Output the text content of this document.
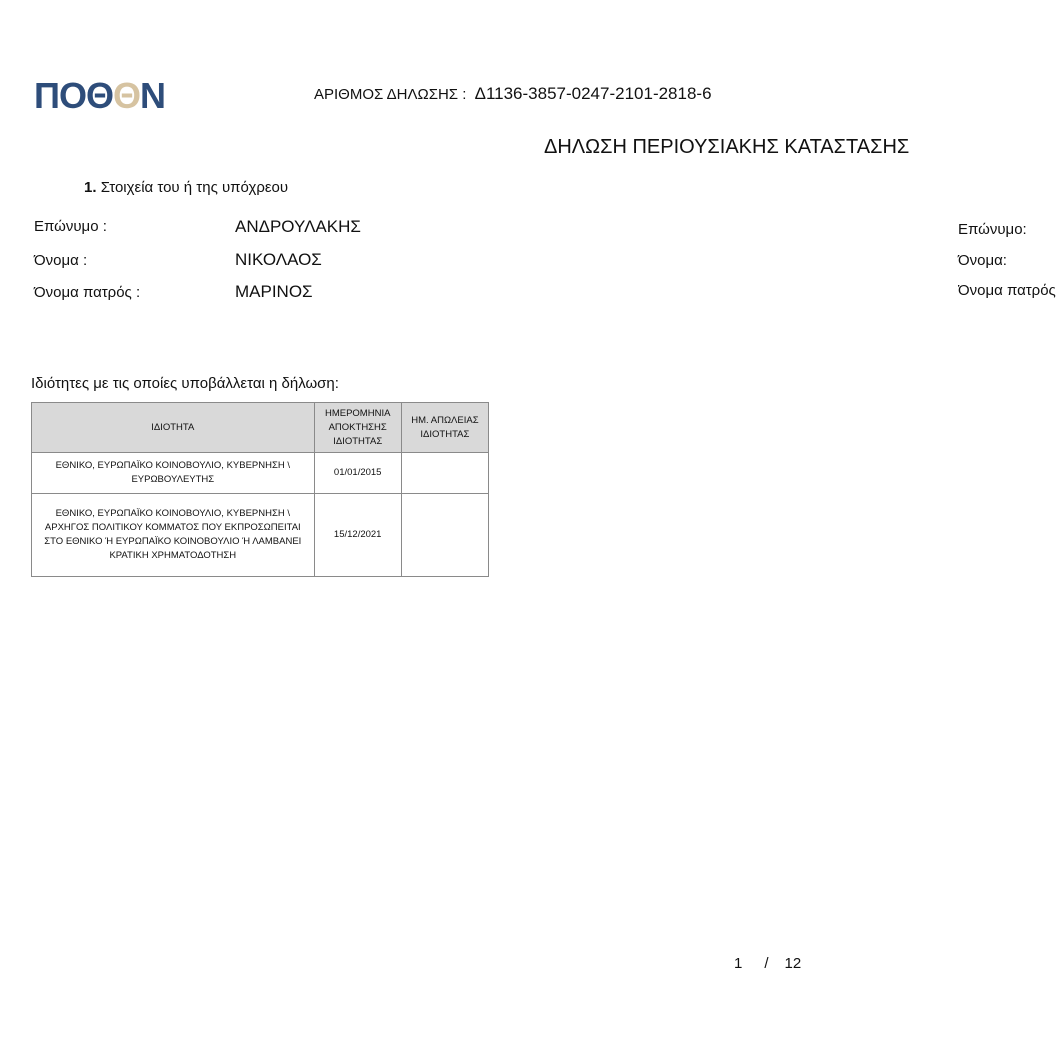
ΠΟΘ Θ Ν	ΑΡΙΘΜΟΣ ΔΗΛΩΣΗΣ : Δ1136-3857-0247-2101-2818-6
ΔΗΛΩΣΗ ΠΕΡΙΟΥΣΙΑΚΗΣ ΚΑΤΑΣΤΑΣΗΣ
1. Στοιχεία του ή της υπόχρεου
Επώνυμο :	ΑΝΔΡΟΥΛΑΚΗΣ
Όνομα :	ΝΙΚΟΛΑΟΣ
Όνομα πατρός :	ΜΑΡΙΝΟΣ
Επώνυμο:
Όνομα:
Όνομα πατρός
Ιδιότητες με τις οποίες υποβάλλεται η δήλωση:
ΙΔΙΟΤΗΤΑ	ΗΜΕΡΟΜΗΝΙΑ ΑΠΟΚΤΗΣΗΣ ΙΔΙΟΤΗΤΑΣ	ΗΜ. ΑΠΩΛΕΙΑΣ ΙΔΙΟΤΗΤΑΣ
ΕΘΝΙΚΟ, ΕΥΡΩΠΑΪΚΟ ΚΟΙΝΟΒΟΥΛΙΟ, ΚΥΒΕΡΝΗΣΗ \ ΕΥΡΩΒΟΥΛΕΥΤΗΣ	01/01/2015	
ΕΘΝΙΚΟ, ΕΥΡΩΠΑΪΚΟ ΚΟΙΝΟΒΟΥΛΙΟ, ΚΥΒΕΡΝΗΣΗ \ ΑΡΧΗΓΟΣ ΠΟΛΙΤΙΚΟΥ ΚΟΜΜΑΤΟΣ ΠΟΥ ΕΚΠΡΟΣΩΠΕΙΤΑΙ ΣΤΟ ΕΘΝΙΚΟ Ή ΕΥΡΩΠΑΪΚΟ ΚΟΙΝΟΒΟΥΛΙΟ Ή ΛΑΜΒΑΝΕΙ ΚΡΑΤΙΚΗ ΧΡΗΜΑΤΟΔΟΤΗΣΗ	15/12/2021	
1 / 12
